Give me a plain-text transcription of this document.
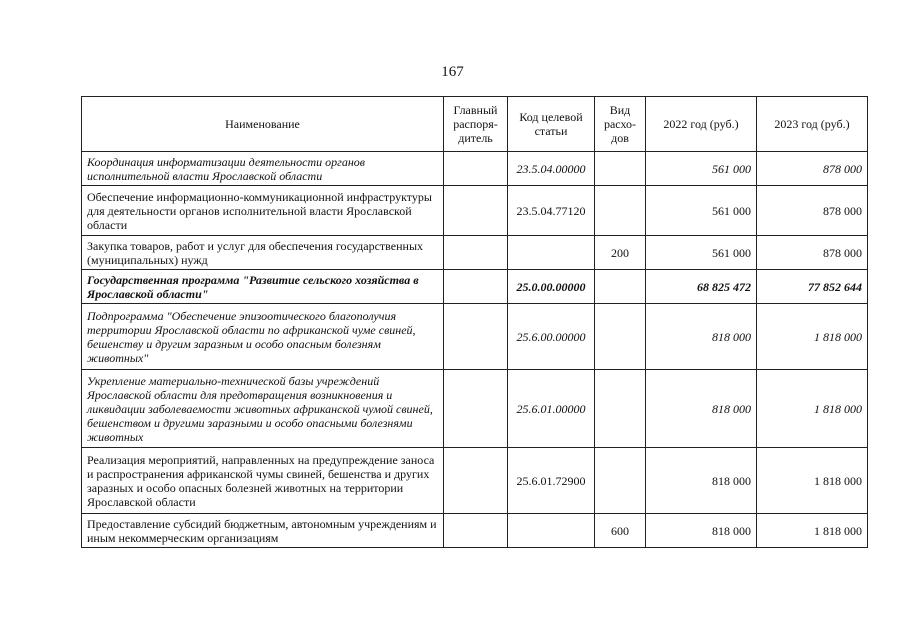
167
Наименование	Главный распоря-дитель	Код целевой статьи	Вид расхо-дов	2022 год (руб.)	2023 год (руб.)
Координация информатизации деятельности органов исполнительной власти Ярославской области		23.5.04.00000		561 000	878 000
Обеспечение информационно-коммуникационной инфраструктуры для деятельности органов исполнительной власти Ярославской области		23.5.04.77120		561 000	878 000
Закупка товаров, работ и услуг для обеспечения государственных (муниципальных) нужд			200	561 000	878 000
Государственная программа "Развитие сельского хозяйства в Ярославской области"		25.0.00.00000		68 825 472	77 852 644
Подпрограмма "Обеспечение эпизоотического благополучия территории Ярославской области по африканской чуме свиней, бешенству и другим заразным и особо опасным болезням животных"		25.6.00.00000		818 000	1 818 000
Укрепление материально-технической базы учреждений Ярославской области для предотвращения возникновения и ликвидации заболеваемости животных африканской чумой свиней, бешенством и другими заразными и особо опасными болезнями животных		25.6.01.00000		818 000	1 818 000
Реализация мероприятий, направленных на предупреждение заноса и распространения африканской чумы свиней, бешенства и других заразных и особо опасных болезней животных на территории Ярославской области		25.6.01.72900		818 000	1 818 000
Предоставление субсидий бюджетным, автономным учреждениям и иным некоммерческим организациям			600	818 000	1 818 000
